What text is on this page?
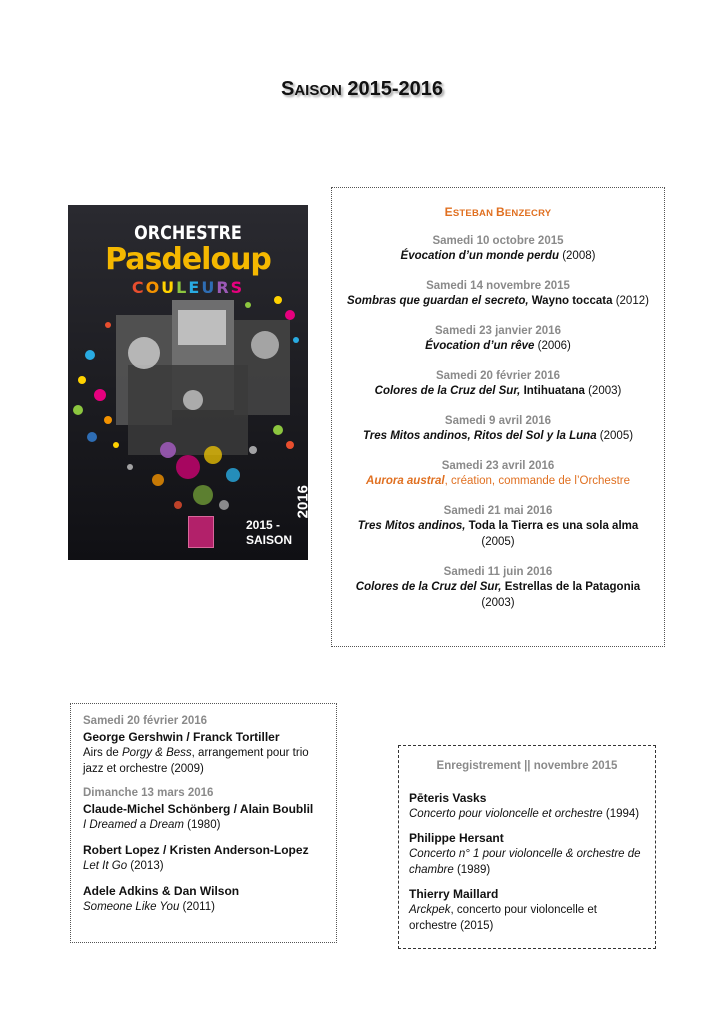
SAISON 2015-2016
ORCHESTRE
Pasdeloup
COULEURS
2016
2015 -
SAISON
ESTEBAN BENZECRY
Samedi 10 octobre 2015
Évocation d’un monde perdu (2008)
Samedi 14 novembre 2015
Sombras que guardan el secreto, Wayno toccata (2012)
Samedi 23 janvier 2016
Évocation d’un rêve (2006)
Samedi 20 février 2016
Colores de la Cruz del Sur, Intihuatana (2003)
Samedi 9 avril 2016
Tres Mitos andinos, Ritos del Sol y la Luna (2005)
Samedi 23 avril 2016
Aurora austral, création, commande de l’Orchestre
Samedi 21 mai 2016
Tres Mitos andinos, Toda la Tierra es una sola alma
(2005)
Samedi 11 juin 2016
Colores de la Cruz del Sur, Estrellas de la Patagonia
(2003)
Samedi 20 février 2016
George Gershwin / Franck Tortiller
Airs de Porgy & Bess, arrangement pour trio jazz et orchestre (2009)
Dimanche 13 mars 2016
Claude-Michel Schönberg / Alain Boublil
I Dreamed a Dream (1980)
Robert Lopez / Kristen Anderson-Lopez
Let It Go (2013)
Adele Adkins & Dan Wilson
Someone Like You (2011)
Enregistrement || novembre 2015
Pēteris Vasks
Concerto pour violoncelle et orchestre (1994)
Philippe Hersant
Concerto n° 1 pour violoncelle & orchestre de chambre (1989)
Thierry Maillard
Arckpek, concerto pour violoncelle et orchestre (2015)
